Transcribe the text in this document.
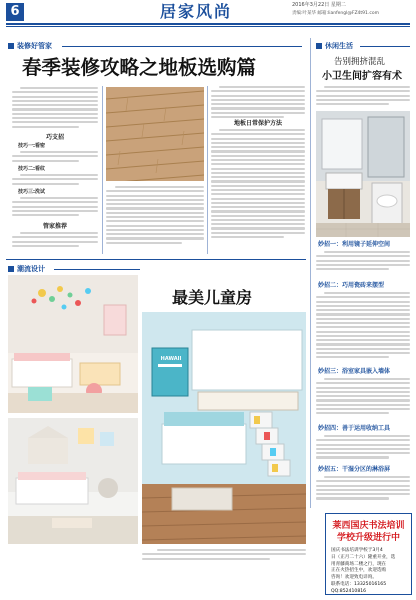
6	居家风尚	2016年3月22日 星期二
责编:叶某华 邮箱:lianfengl@FZ4t91.com
装修好管家
春季装修攻略之地板选购篇
巧支招
技巧一:看密
技巧二:看纹
技巧三:洗试
管家推荐
地板日常保护方法
休闲生活
告别拥挤混乱
小卫生间扩容有术
妙招一：利用镜子延伸空间
妙招二：巧用瓷砖来摆型
妙招三：浴室家具嵌入墙体
妙招四：善于运用收纳工具
妙招五：干湿分区的淋浴屏
潮流设计
最美儿童房
HAWAII
莱西国庆书法培训
学校升级进行中
国庆书法培训学校于3月4
日（正月二十六）隆重开业，选
用青藤商场二楼之行，现在
正在火热招生中，欢迎选购
咨询！欢迎致电详询。
联系电话：13325016165
QQ:852410816
